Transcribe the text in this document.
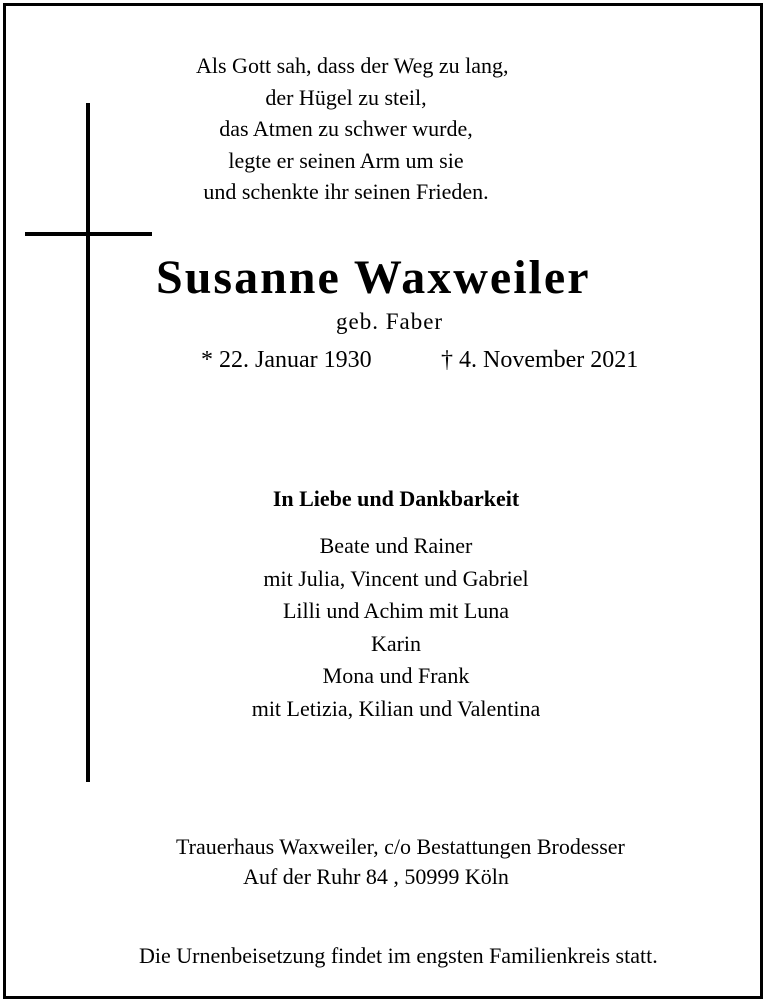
Als Gott sah, dass der Weg zu lang,
der Hügel zu steil,
das Atmen zu schwer wurde,
legte er seinen Arm um sie
und schenkte ihr seinen Frieden.
Susanne Waxweiler
geb. Faber
* 22. Januar 1930	† 4. November 2021
In Liebe und Dankbarkeit
Beate und Rainer
mit Julia, Vincent und Gabriel
Lilli und Achim mit Luna
Karin
Mona und Frank
mit Letizia, Kilian und Valentina
Trauerhaus Waxweiler, c/o Bestattungen Brodesser
Auf der Ruhr 84 , 50999 Köln
Die Urnenbeisetzung findet im engsten Familienkreis statt.
